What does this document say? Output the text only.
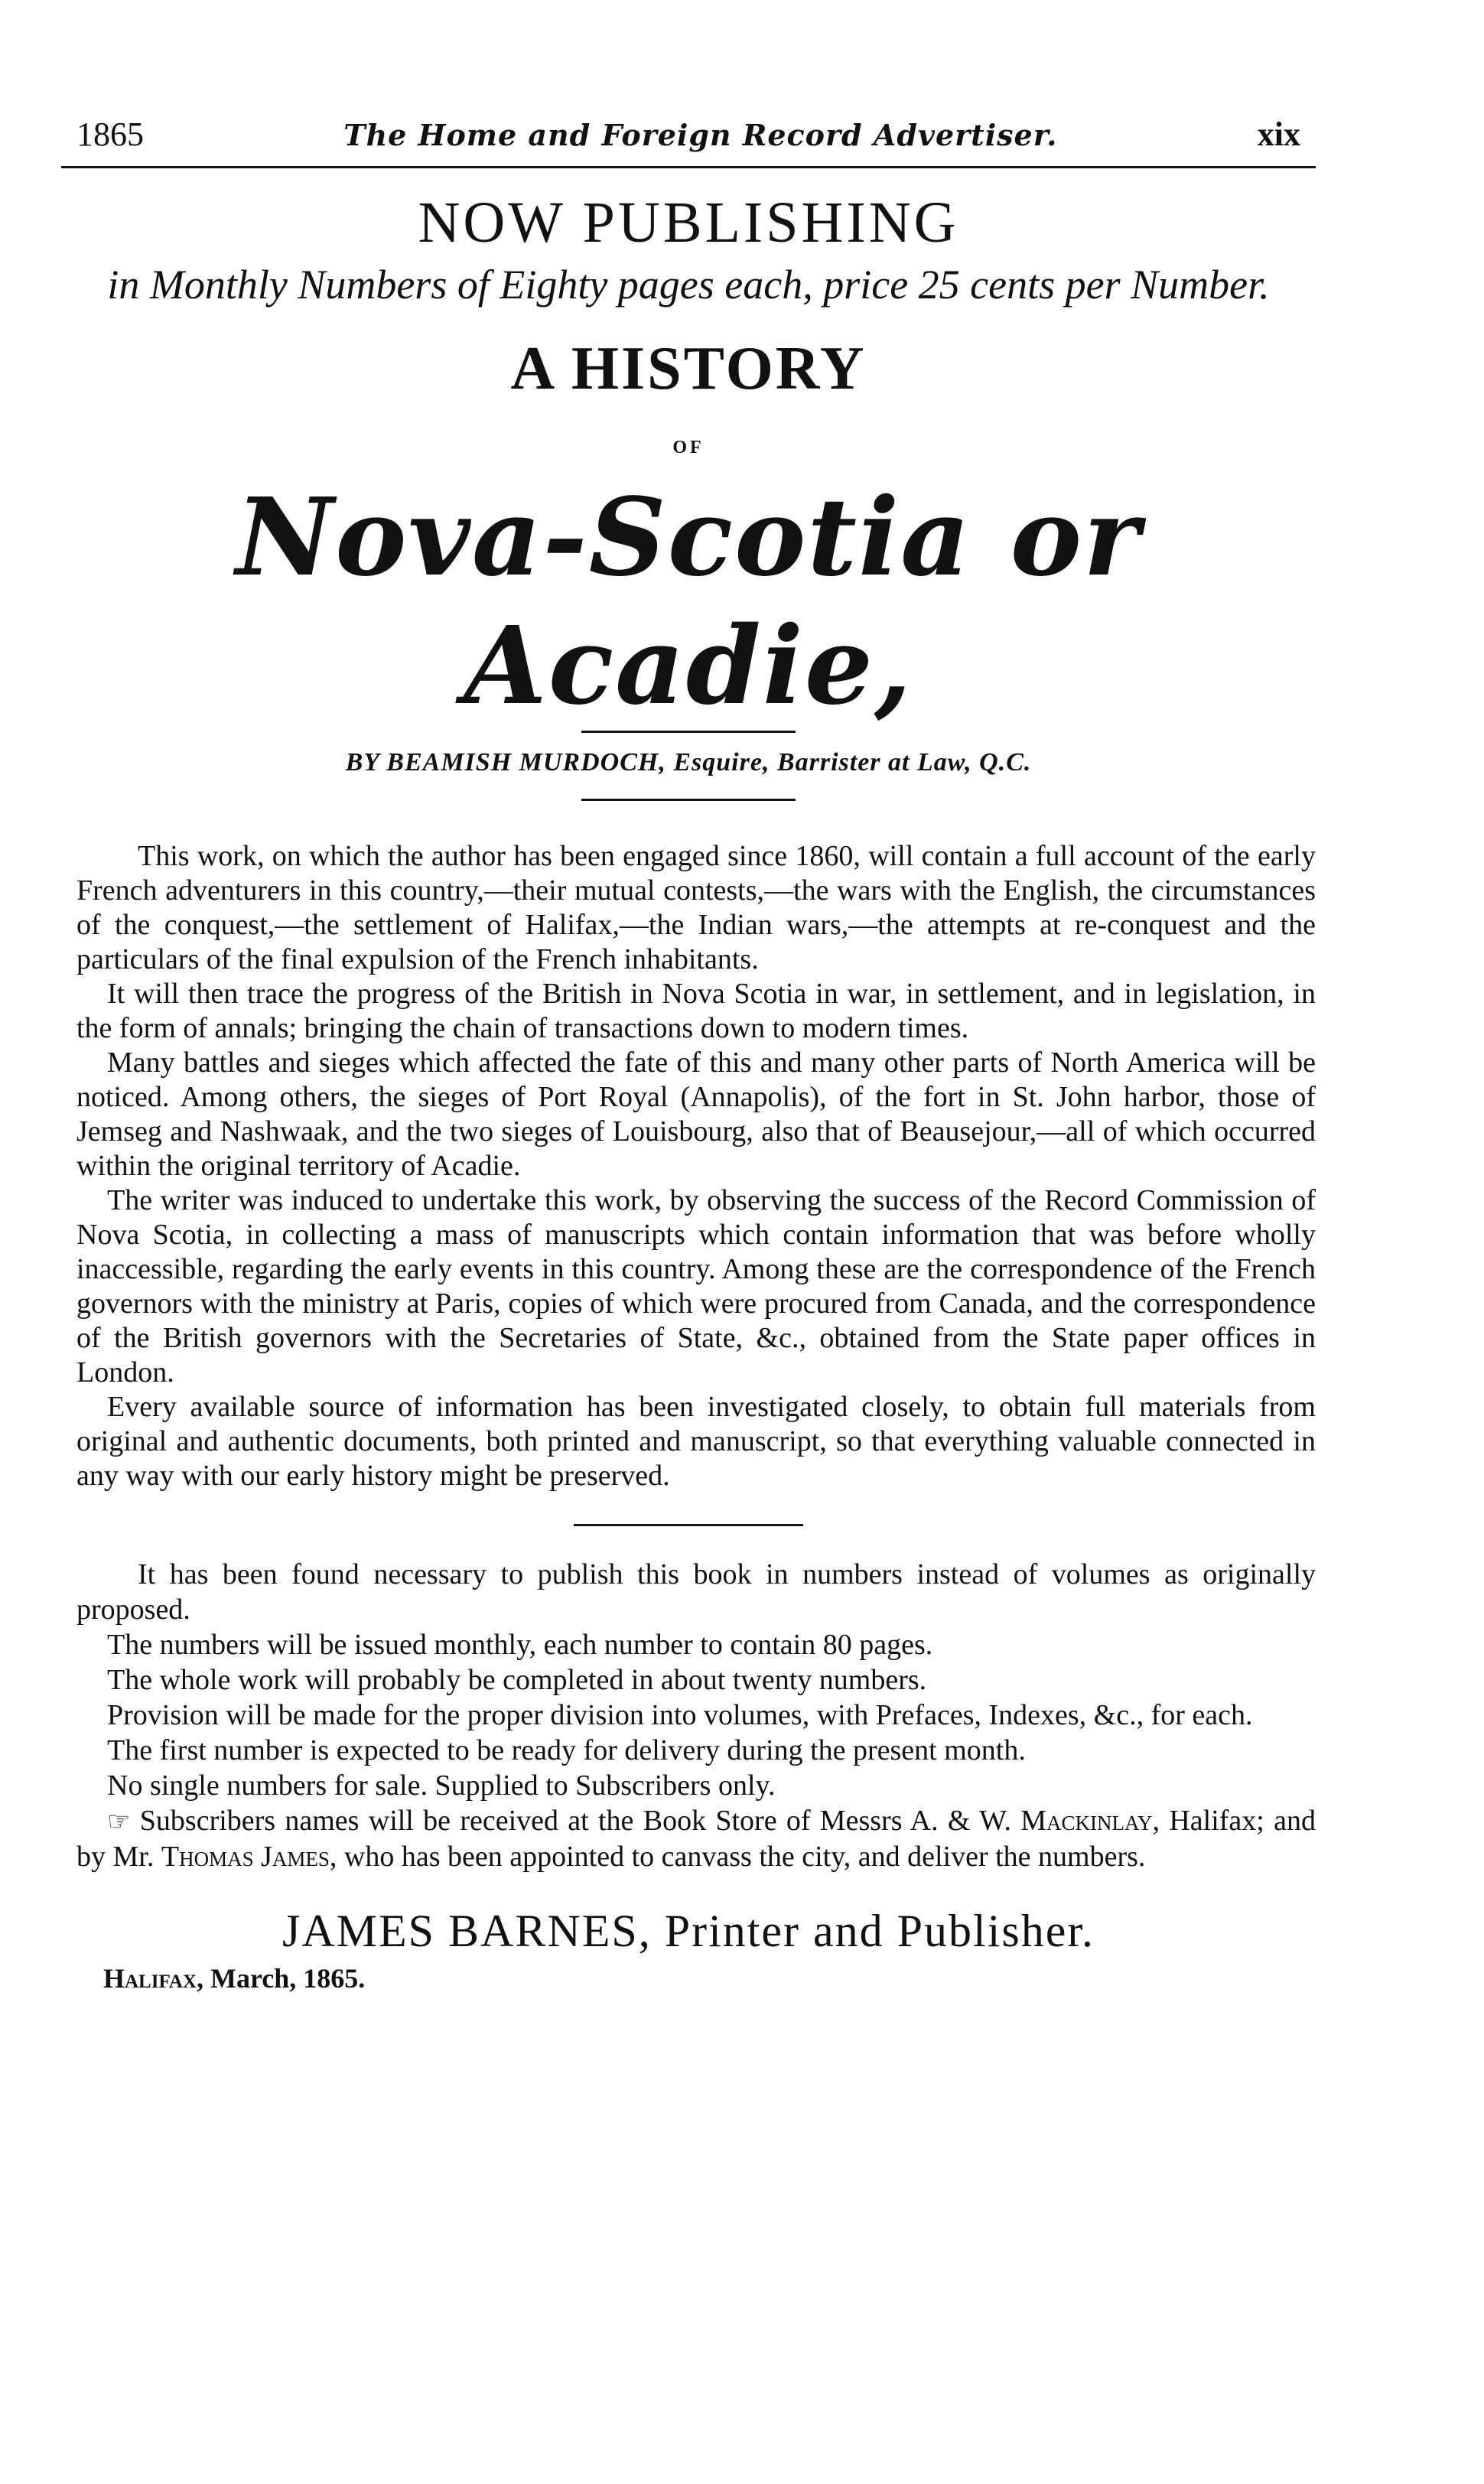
1865	The Home and Foreign Record Advertiser.	xix
NOW PUBLISHING
in Monthly Numbers of Eighty pages each, price 25 cents per Number.
A HISTORY
OF
Nova-Scotia or Acadie,
BY BEAMISH MURDOCH, Esquire, Barrister at Law, Q.C.

This work, on which the author has been engaged since 1860, will contain a full account of the early French adventurers in this country,—their mutual contests,—the wars with the English, the circumstances of the conquest,—the settlement of Halifax,—the Indian wars,—the attempts at re-conquest and the particulars of the final expulsion of the French inhabitants.

It will then trace the progress of the British in Nova Scotia in war, in settlement, and in legislation, in the form of annals; bringing the chain of transactions down to modern times.

Many battles and sieges which affected the fate of this and many other parts of North America will be noticed. Among others, the sieges of Port Royal (Annapolis), of the fort in St. John harbor, those of Jemseg and Nashwaak, and the two sieges of Louisbourg, also that of Beausejour,—all of which occurred within the original territory of Acadie.

The writer was induced to undertake this work, by observing the success of the Record Commission of Nova Scotia, in collecting a mass of manuscripts which contain information that was before wholly inaccessible, regarding the early events in this country. Among these are the correspondence of the French governors with the ministry at Paris, copies of which were procured from Canada, and the correspondence of the British governors with the Secretaries of State, &c., obtained from the State paper offices in London.

Every available source of information has been investigated closely, to obtain full materials from original and authentic documents, both printed and manuscript, so that everything valuable connected in any way with our early history might be preserved.

It has been found necessary to publish this book in numbers instead of volumes as originally proposed.

The numbers will be issued monthly, each number to contain 80 pages.

The whole work will probably be completed in about twenty numbers.

Provision will be made for the proper division into volumes, with Prefaces, Indexes, &c., for each.

The first number is expected to be ready for delivery during the present month.

No single numbers for sale. Supplied to Subscribers only.

☞ Subscribers names will be received at the Book Store of Messrs A. & W. Mackinlay, Halifax; and by Mr. Thomas James, who has been appointed to canvass the city, and deliver the numbers.

JAMES BARNES, Printer and Publisher.
Halifax, March, 1865.
